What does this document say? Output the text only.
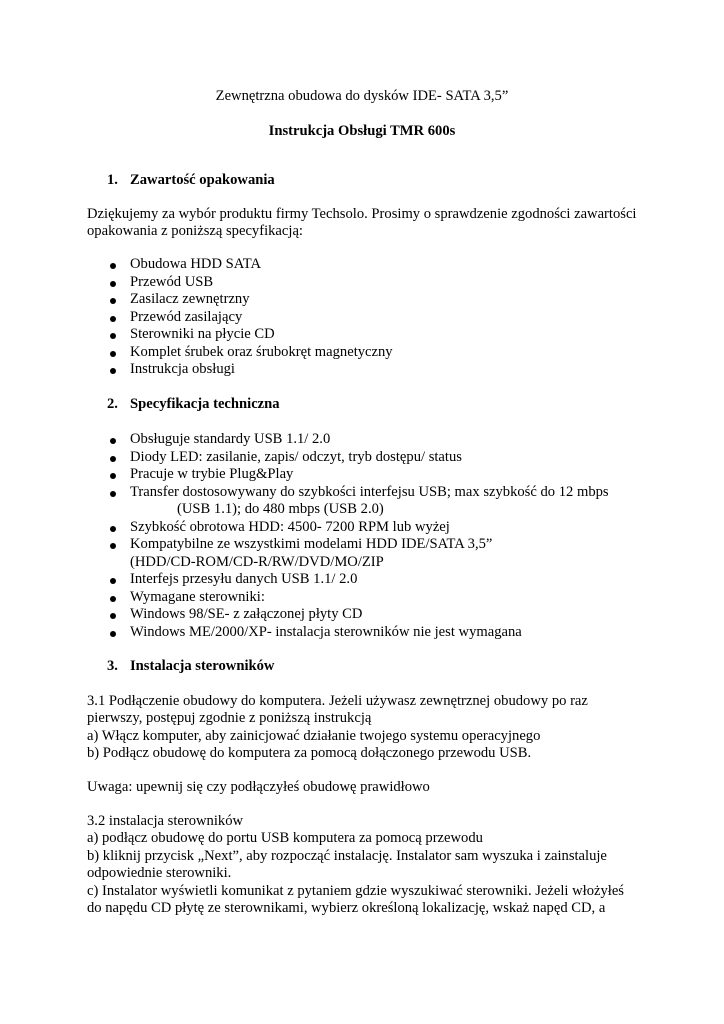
Zewnętrzna obudowa do dysków IDE- SATA 3,5”
Instrukcja Obsługi TMR 600s
1. Zawartość opakowania
Dziękujemy za wybór produktu firmy Techsolo. Prosimy o sprawdzenie zgodności zawartości
opakowania z poniższą specyfikacją:
Obudowa HDD SATA
Przewód USB
Zasilacz zewnętrzny
Przewód zasilający
Sterowniki na płycie CD
Komplet śrubek oraz śrubokręt magnetyczny
Instrukcja obsługi
2. Specyfikacja techniczna
Obsługuje standardy USB 1.1/ 2.0
Diody LED: zasilanie, zapis/ odczyt, tryb dostępu/ status
Pracuje w trybie Plug&Play
Transfer dostosowywany do szybkości interfejsu USB; max szybkość do 12 mbps
(USB 1.1); do 480 mbps (USB 2.0)
Szybkość obrotowa HDD: 4500- 7200 RPM lub wyżej
Kompatybilne ze wszystkimi modelami HDD IDE/SATA 3,5”
(HDD/CD-ROM/CD-R/RW/DVD/MO/ZIP
Interfejs przesyłu danych USB 1.1/ 2.0
Wymagane sterowniki:
Windows 98/SE- z załączonej płyty CD
Windows ME/2000/XP- instalacja sterowników nie jest wymagana
3. Instalacja sterowników
3.1 Podłączenie obudowy do komputera. Jeżeli używasz zewnętrznej obudowy po raz
pierwszy, postępuj zgodnie z poniższą instrukcją
a) Włącz komputer, aby zainicjować działanie twojego systemu operacyjnego
b) Podłącz obudowę do komputera za pomocą dołączonego przewodu USB.
Uwaga: upewnij się czy podłączyłeś obudowę prawidłowo
3.2 instalacja sterowników
a) podłącz obudowę do portu USB komputera za pomocą przewodu
b) kliknij przycisk „Next”, aby rozpocząć instalację. Instalator sam wyszuka i zainstaluje
odpowiednie sterowniki.
c) Instalator wyświetli komunikat z pytaniem gdzie wyszukiwać sterowniki. Jeżeli włożyłeś
do napędu CD płytę ze sterownikami, wybierz określoną lokalizację, wskaż napęd CD, a
